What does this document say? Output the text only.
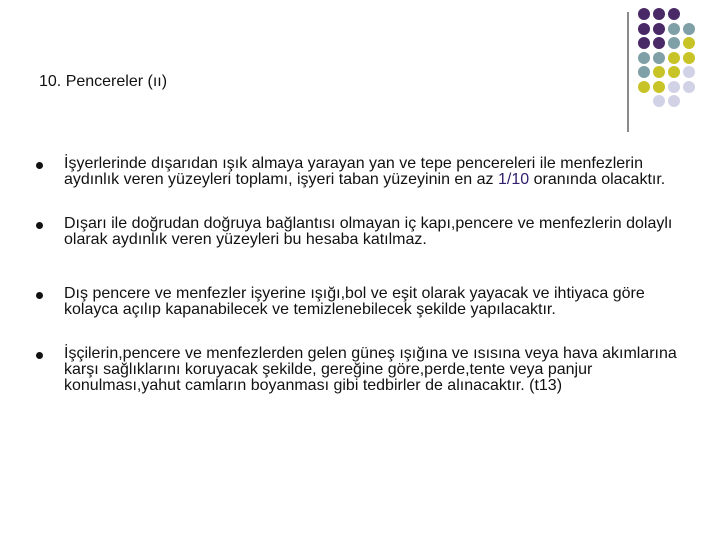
10. Pencereler (ıı)
İşyerlerinde dışarıdan ışık almaya yarayan yan ve tepe pencereleri ile menfezlerin aydınlık veren yüzeyleri toplamı, işyeri taban yüzeyinin en az 1/10 oranında olacaktır.
Dışarı ile doğrudan doğruya bağlantısı olmayan iç kapı,pencere ve menfezlerin dolaylı olarak aydınlık veren yüzeyleri bu hesaba katılmaz.
Dış pencere ve menfezler işyerine ışığı,bol ve eşit olarak yayacak ve ihtiyaca göre kolayca açılıp kapanabilecek ve temizlenebilecek şekilde yapılacaktır.
İşçilerin,pencere ve menfezlerden gelen güneş ışığına ve ısısına veya hava akımlarına karşı sağlıklarını koruyacak şekilde, gereğine göre,perde,tente veya panjur konulması,yahut camların boyanması gibi tedbirler de alınacaktır. (t13)
